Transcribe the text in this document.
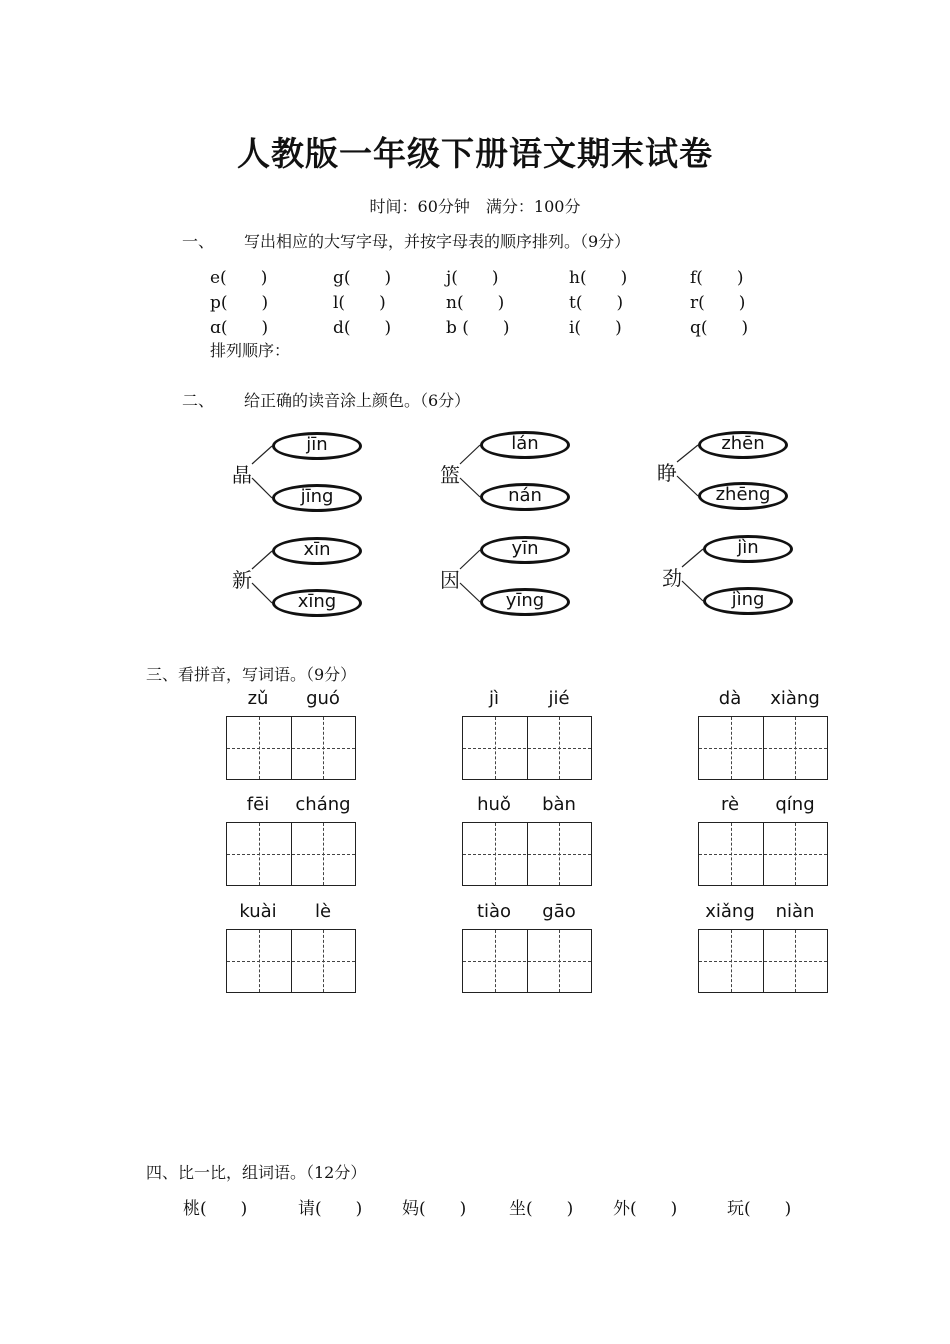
人教版一年级下册语文期末试卷
时间：60分钟　满分：100分
一、 写出相应的大写字母，并按字母表的顺序排列。（9分）
e(　　)	g(　　)	j(　　)	h(　　)	f(　　)
p(　　)	l(　　)	n(　　)	t(　　)	r(　　)
ɑ(　　)	d(　　)	b (　　)	i(　　)	q(　　)
排列顺序：
二、 给正确的读音涂上颜色。（6分）
晶
jīn
jīng
篮
lán
nán
睁
zhēn
zhēng
新
xīn
xīng
因
yīn
yīng
劲
jìn
jìng
三、看拼音，写词语。（9分）
zǔ	guó	jì	jié	dà	xiàng
fēi	cháng	huǒ	bàn	rè	qíng
kuài	lè	tiào	gāo	xiǎng	niàn
四、比一比，组词语。（12分）
桃(　　)	请(　　) 妈(　　)	坐(　　) 外(　　)	玩(　　)
